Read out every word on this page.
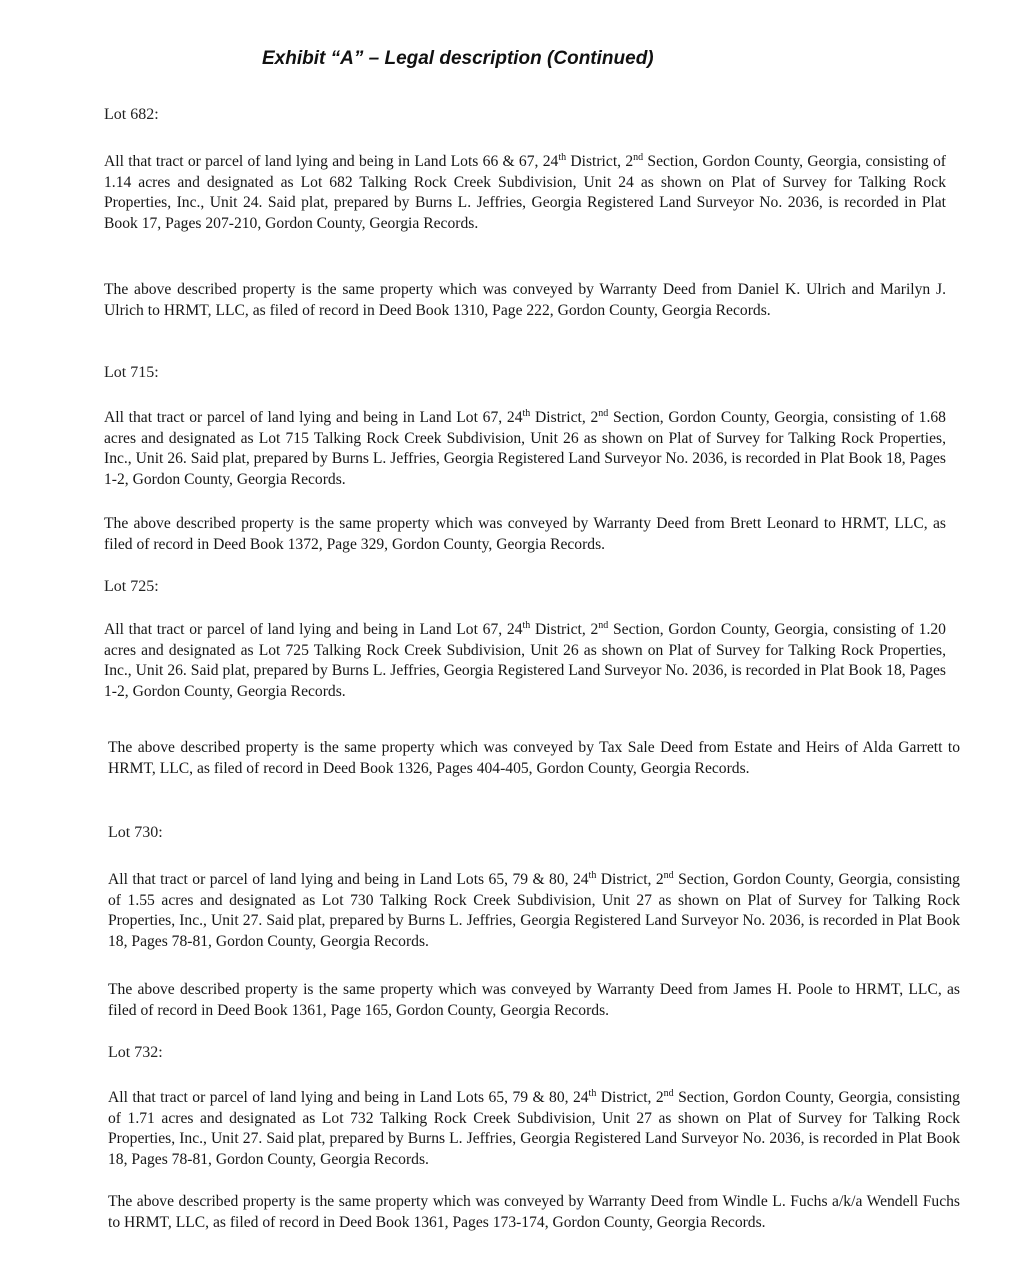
Exhibit “A” – Legal description (Continued)
Lot 682:

All that tract or parcel of land lying and being in Land Lots 66 & 67, 24th District, 2nd Section, Gordon County, Georgia, consisting of 1.14 acres and designated as Lot 682 Talking Rock Creek Subdivision, Unit 24 as shown on Plat of Survey for Talking Rock Properties, Inc., Unit 24. Said plat, prepared by Burns L. Jeffries, Georgia Registered Land Surveyor No. 2036, is recorded in Plat Book 17, Pages 207-210, Gordon County, Georgia Records.

The above described property is the same property which was conveyed by Warranty Deed from Daniel K. Ulrich and Marilyn J. Ulrich to HRMT, LLC, as filed of record in Deed Book 1310, Page 222, Gordon County, Georgia Records.

Lot 715:

All that tract or parcel of land lying and being in Land Lot 67, 24th District, 2nd Section, Gordon County, Georgia, consisting of 1.68 acres and designated as Lot 715 Talking Rock Creek Subdivision, Unit 26 as shown on Plat of Survey for Talking Rock Properties, Inc., Unit 26. Said plat, prepared by Burns L. Jeffries, Georgia Registered Land Surveyor No. 2036, is recorded in Plat Book 18, Pages 1-2, Gordon County, Georgia Records.

The above described property is the same property which was conveyed by Warranty Deed from Brett Leonard to HRMT, LLC, as filed of record in Deed Book 1372, Page 329, Gordon County, Georgia Records.

Lot 725:

All that tract or parcel of land lying and being in Land Lot 67, 24th District, 2nd Section, Gordon County, Georgia, consisting of 1.20 acres and designated as Lot 725 Talking Rock Creek Subdivision, Unit 26 as shown on Plat of Survey for Talking Rock Properties, Inc., Unit 26. Said plat, prepared by Burns L. Jeffries, Georgia Registered Land Surveyor No. 2036, is recorded in Plat Book 18, Pages 1-2, Gordon County, Georgia Records.

The above described property is the same property which was conveyed by Tax Sale Deed from Estate and Heirs of Alda Garrett to HRMT, LLC, as filed of record in Deed Book 1326, Pages 404-405, Gordon County, Georgia Records.

Lot 730:

All that tract or parcel of land lying and being in Land Lots 65, 79 & 80, 24th District, 2nd Section, Gordon County, Georgia, consisting of 1.55 acres and designated as Lot 730 Talking Rock Creek Subdivision, Unit 27 as shown on Plat of Survey for Talking Rock Properties, Inc., Unit 27. Said plat, prepared by Burns L. Jeffries, Georgia Registered Land Surveyor No. 2036, is recorded in Plat Book 18, Pages 78-81, Gordon County, Georgia Records.

The above described property is the same property which was conveyed by Warranty Deed from James H. Poole to HRMT, LLC, as filed of record in Deed Book 1361, Page 165, Gordon County, Georgia Records.

Lot 732:

All that tract or parcel of land lying and being in Land Lots 65, 79 & 80, 24th District, 2nd Section, Gordon County, Georgia, consisting of 1.71 acres and designated as Lot 732 Talking Rock Creek Subdivision, Unit 27 as shown on Plat of Survey for Talking Rock Properties, Inc., Unit 27. Said plat, prepared by Burns L. Jeffries, Georgia Registered Land Surveyor No. 2036, is recorded in Plat Book 18, Pages 78-81, Gordon County, Georgia Records.

The above described property is the same property which was conveyed by Warranty Deed from Windle L. Fuchs a/k/a Wendell Fuchs to HRMT, LLC, as filed of record in Deed Book 1361, Pages 173-174, Gordon County, Georgia Records.
